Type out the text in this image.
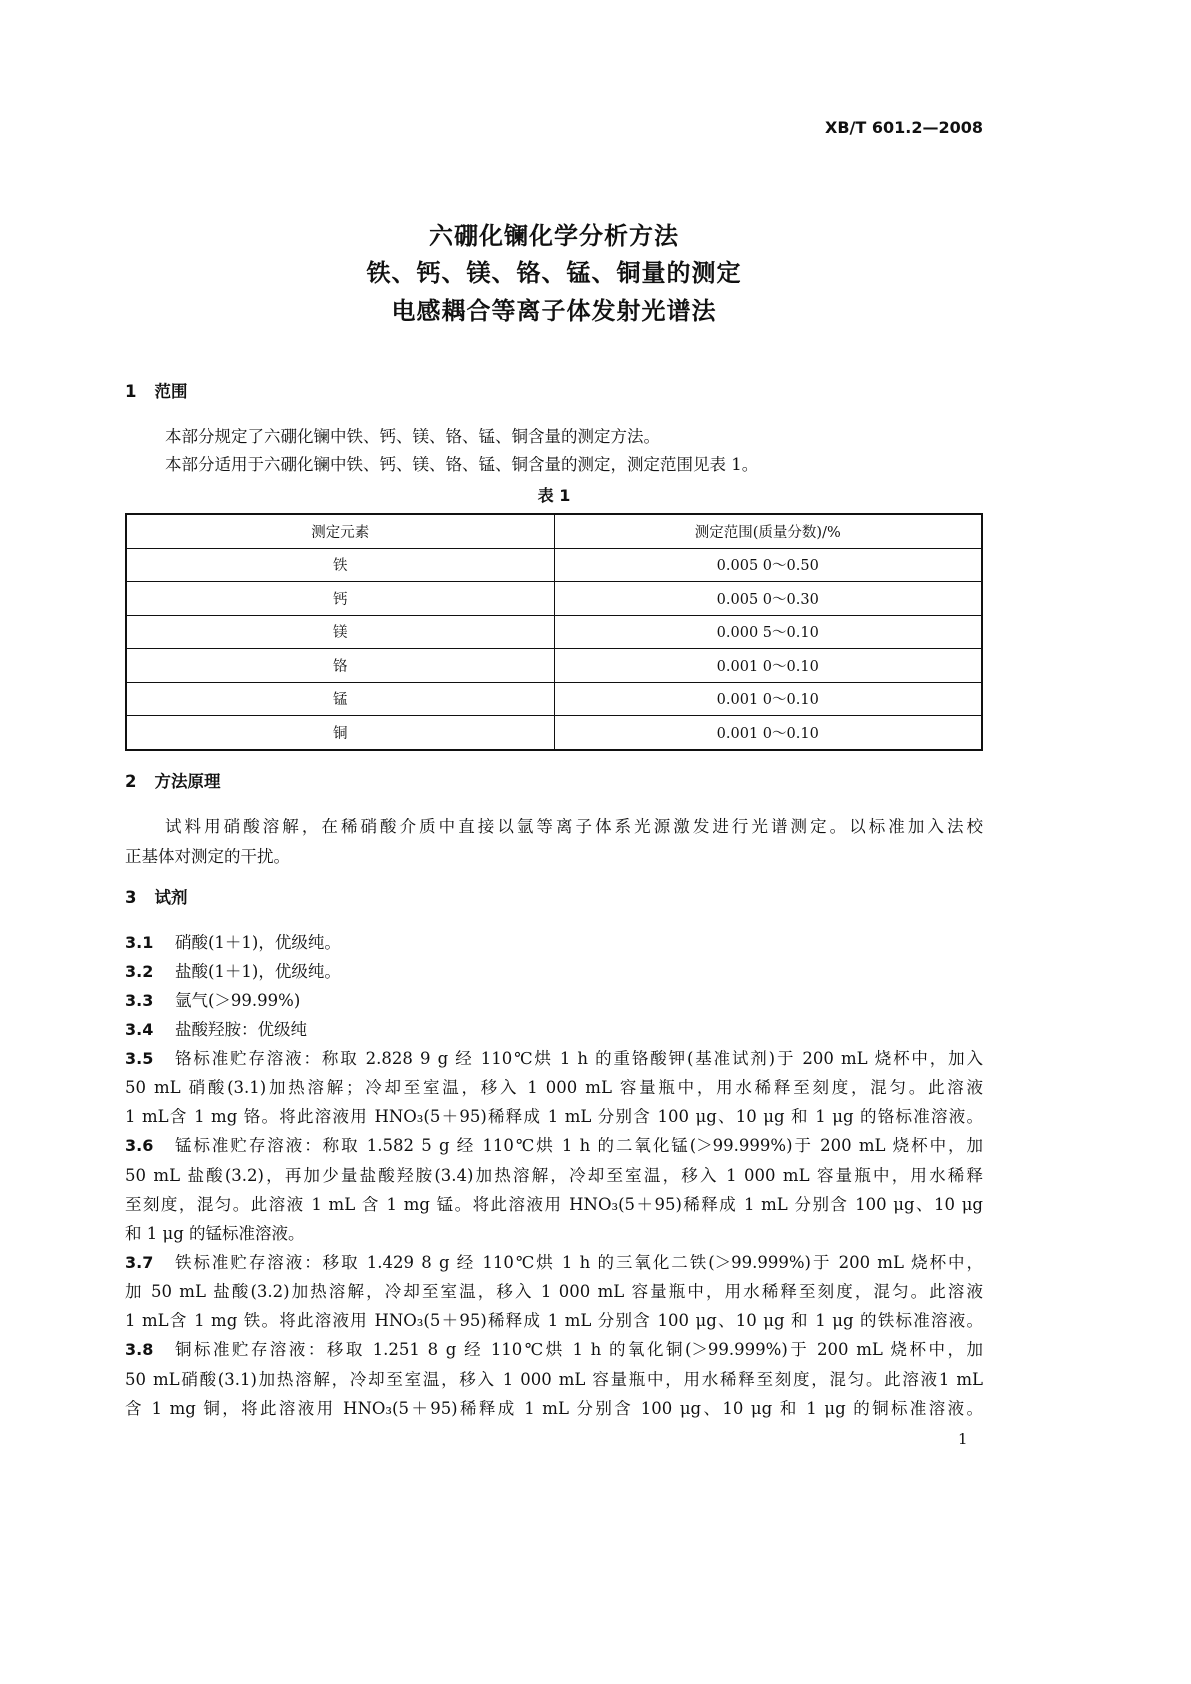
XB/T 601.2—2008
六硼化镧化学分析方法
铁、钙、镁、铬、锰、铜量的测定
电感耦合等离子体发射光谱法
1 范围
本部分规定了六硼化镧中铁、钙、镁、铬、锰、铜含量的测定方法。
本部分适用于六硼化镧中铁、钙、镁、铬、锰、铜含量的测定，测定范围见表 1。
表 1
测定元素	测定范围(质量分数)/%
铁	0.005 0～0.50
钙	0.005 0～0.30
镁	0.000 5～0.10
铬	0.001 0～0.10
锰	0.001 0～0.10
铜	0.001 0～0.10
2 方法原理
试料用硝酸溶解，在稀硝酸介质中直接以氩等离子体系光源激发进行光谱测定。以标准加入法校
正基体对测定的干扰。
3 试剂
3.1 硝酸(1＋1)，优级纯。
3.2 盐酸(1＋1)，优级纯。
3.3 氩气(＞99.99%)
3.4 盐酸羟胺：优级纯
3.5 铬标准贮存溶液：称取 2.828 9 g 经 110℃烘 1 h 的重铬酸钾(基准试剂)于 200 mL 烧杯中，加入
50 mL 硝酸(3.1)加热溶解；冷却至室温，移入 1 000 mL 容量瓶中，用水稀释至刻度，混匀。此溶液
1 mL含 1 mg 铬。将此溶液用 HNO₃(5＋95)稀释成 1 mL 分别含 100 μg、10 μg 和 1 μg 的铬标准溶液。
3.6 锰标准贮存溶液：称取 1.582 5 g 经 110℃烘 1 h 的二氧化锰(＞99.999%)于 200 mL 烧杯中，加
50 mL 盐酸(3.2)，再加少量盐酸羟胺(3.4)加热溶解，冷却至室温，移入 1 000 mL 容量瓶中，用水稀释
至刻度，混匀。此溶液 1 mL 含 1 mg 锰。将此溶液用 HNO₃(5＋95)稀释成 1 mL 分别含 100 μg、10 μg
和 1 μg 的锰标准溶液。
3.7 铁标准贮存溶液：移取 1.429 8 g 经 110℃烘 1 h 的三氧化二铁(＞99.999%)于 200 mL 烧杯中，
加 50 mL 盐酸(3.2)加热溶解，冷却至室温，移入 1 000 mL 容量瓶中，用水稀释至刻度，混匀。此溶液
1 mL含 1 mg 铁。将此溶液用 HNO₃(5＋95)稀释成 1 mL 分别含 100 μg、10 μg 和 1 μg 的铁标准溶液。
3.8 铜标准贮存溶液：移取 1.251 8 g 经 110℃烘 1 h 的氧化铜(＞99.999%)于 200 mL 烧杯中，加
50 mL硝酸(3.1)加热溶解，冷却至室温，移入 1 000 mL 容量瓶中，用水稀释至刻度，混匀。此溶液1 mL
含 1 mg 铜，将此溶液用 HNO₃(5＋95)稀释成 1 mL 分别含 100 μg、10 μg 和 1 μg 的铜标准溶液。
1
